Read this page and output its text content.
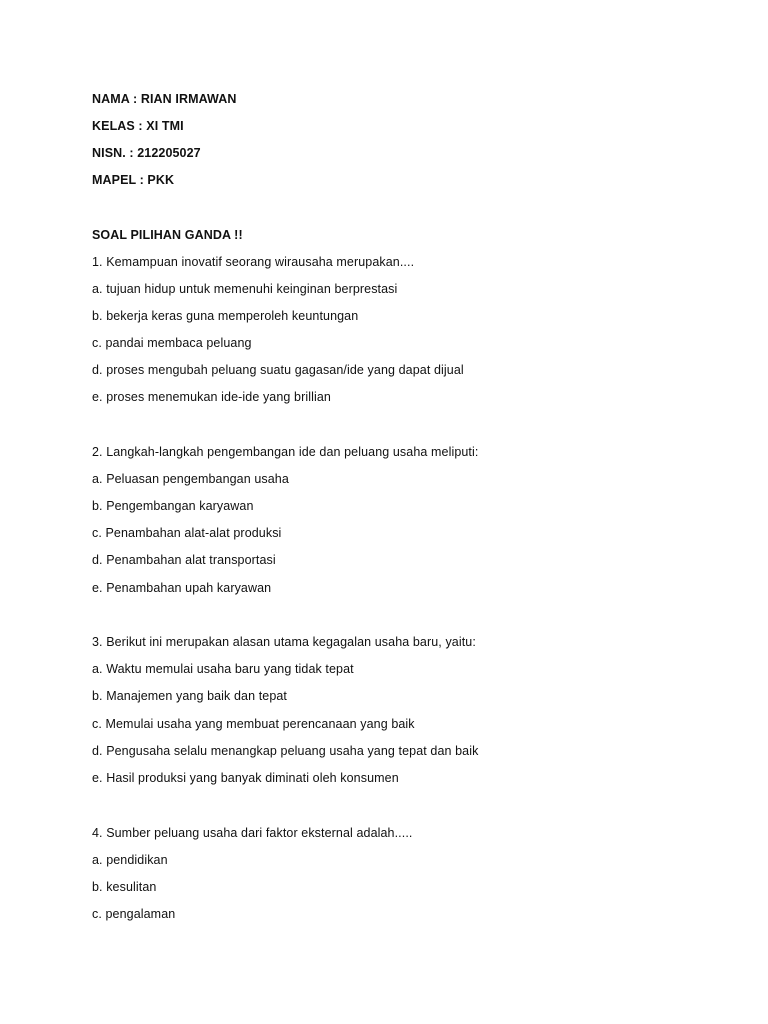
NAMA : RIAN IRMAWAN
KELAS : XI TMI
NISN. : 212205027
MAPEL : PKK
SOAL PILIHAN GANDA !!
1. Kemampuan inovatif seorang wirausaha merupakan....
a. tujuan hidup untuk memenuhi keinginan berprestasi
b. bekerja keras guna memperoleh keuntungan
c. pandai membaca peluang
d. proses mengubah peluang suatu gagasan/ide yang dapat dijual
e. proses menemukan ide-ide yang brillian
2. Langkah-langkah pengembangan ide dan peluang usaha meliputi:
a. Peluasan pengembangan usaha
b. Pengembangan karyawan
c. Penambahan alat-alat produksi
d. Penambahan alat transportasi
e. Penambahan upah karyawan
3. Berikut ini merupakan alasan utama kegagalan usaha baru, yaitu:
a. Waktu memulai usaha baru yang tidak tepat
b. Manajemen yang baik dan tepat
c. Memulai usaha yang membuat perencanaan yang baik
d. Pengusaha selalu menangkap peluang usaha yang tepat dan baik
e. Hasil produksi yang banyak diminati oleh konsumen
4. Sumber peluang usaha dari faktor eksternal adalah.....
a. pendidikan
b. kesulitan
c. pengalaman
